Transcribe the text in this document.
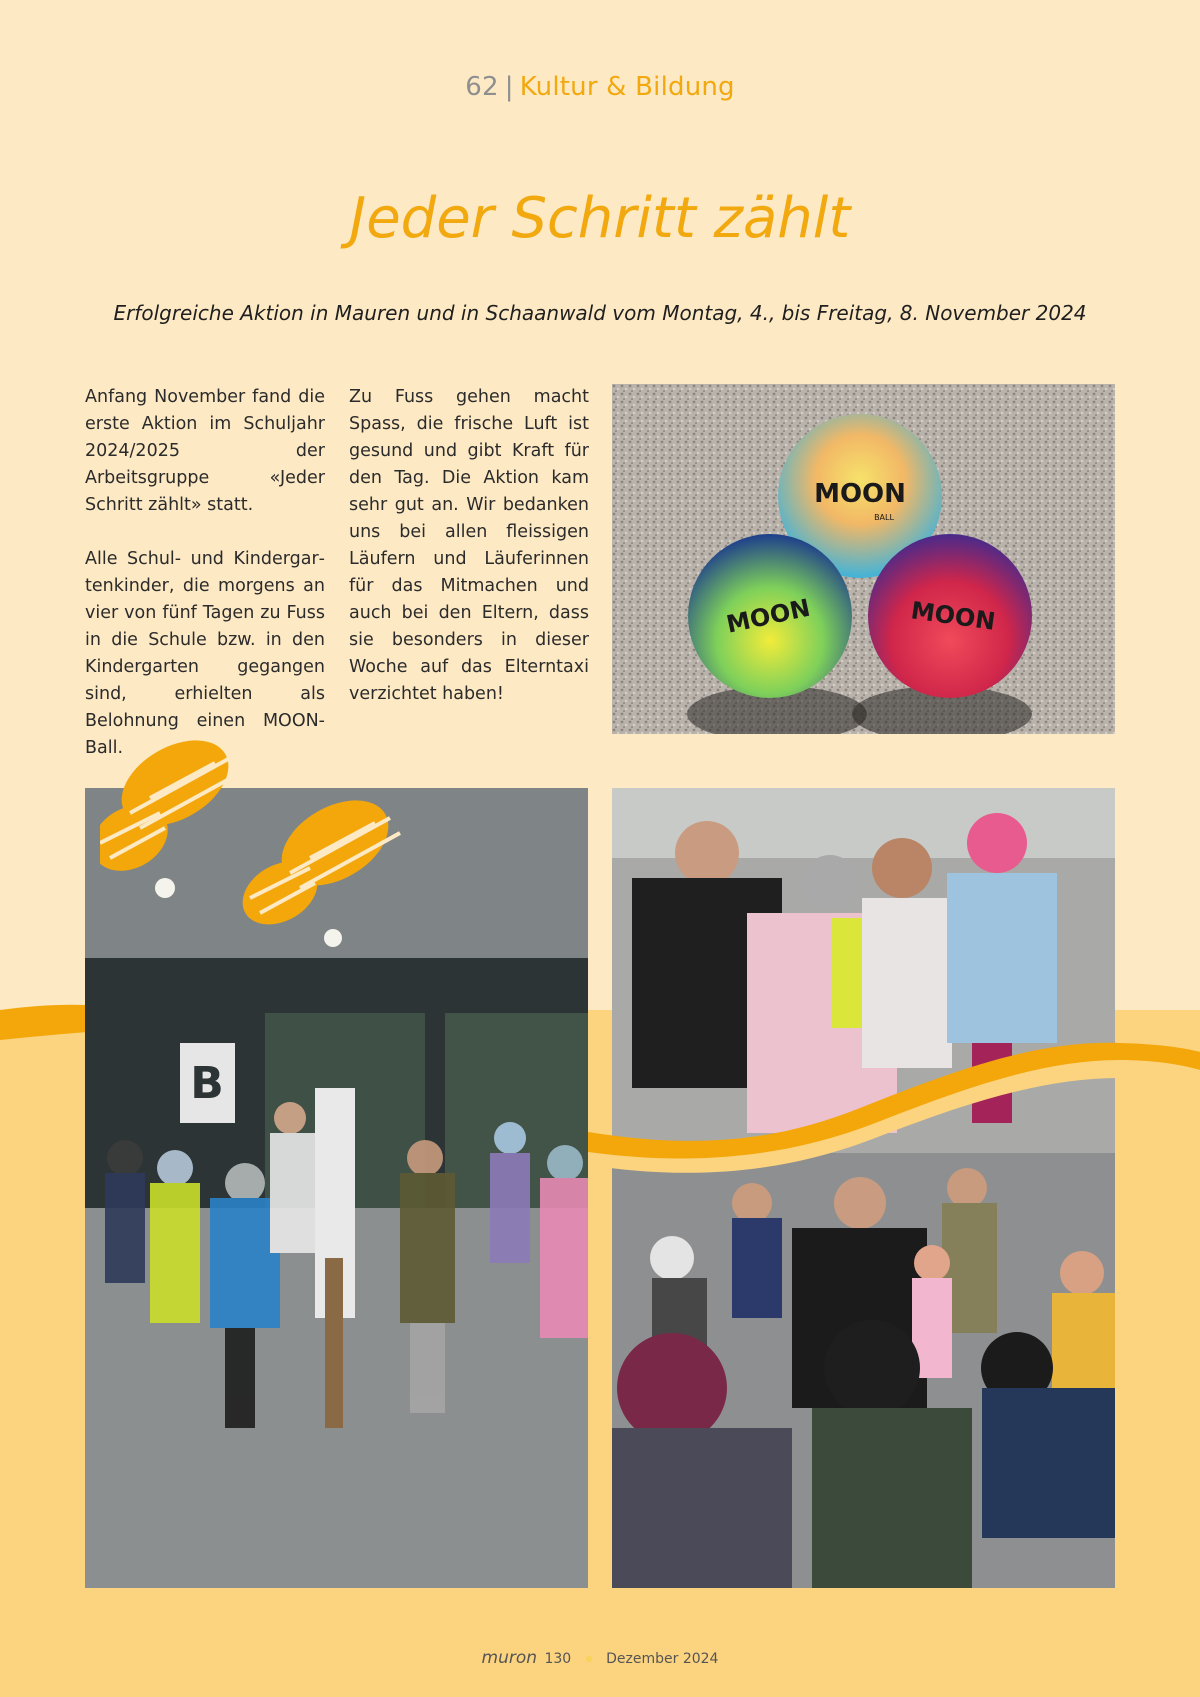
62 | Kultur & Bildung
Jeder Schritt zählt

Erfolgreiche Aktion in Mauren und in Schaanwald vom Montag, 4., bis Freitag, 8. November 2024

Anfang November fand die erste Aktion im Schuljahr 2024/2025 der Arbeitsgruppe «Jeder Schritt zählt» statt.

Alle Schul- und Kindergartenkinder, die morgens an vier von fünf Tagen zu Fuss in die Schule bzw. in den Kindergarten gegangen sind, erhielten als Belohnung einen MOON-Ball.

Zu Fuss gehen macht Spass, die frische Luft ist gesund und gibt Kraft für den Tag. Die Aktion kam sehr gut an. Wir bedanken uns bei allen fleissigen Läufern und Läuferinnen für das Mitmachen und auch bei den Eltern, dass sie besonders in dieser Woche auf das Elterntaxi verzichtet haben!

MOON
MOON	MOON
BALL
B
muron 130 Dezember 2024
